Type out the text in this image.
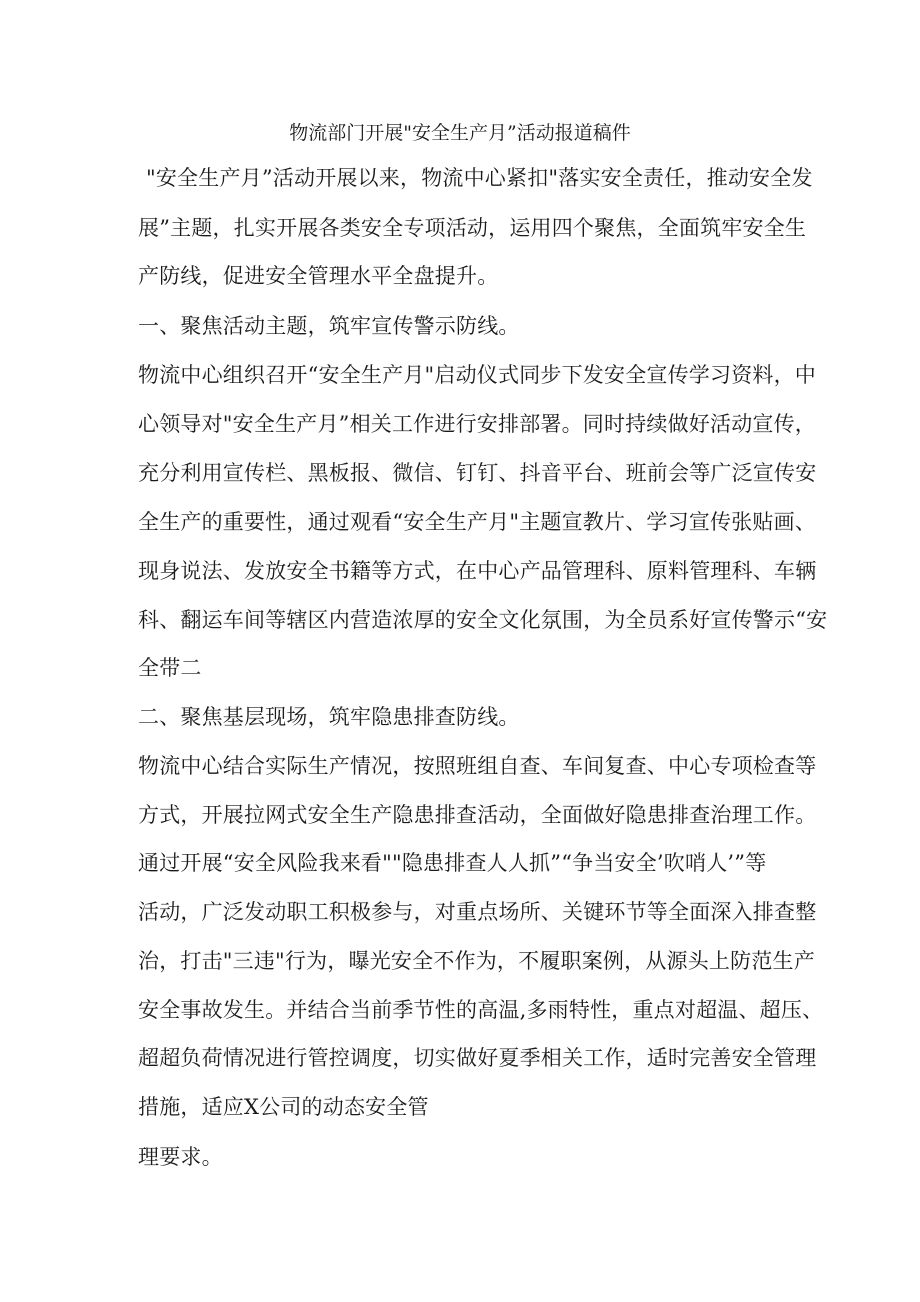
物流部门开展"安全生产月”活动报道稿件
"安全生产月”活动开展以来，物流中心紧扣"落实安全责任，推动安全发
展”主题，扎实开展各类安全专项活动，运用四个聚焦，全面筑牢安全生
产防线，促进安全管理水平全盘提升。
一、聚焦活动主题，筑牢宣传警示防线。
物流中心组织召开“安全生产月"启动仪式同步下发安全宣传学习资料，中
心领导对"安全生产月”相关工作进行安排部署。同时持续做好活动宣传，
充分利用宣传栏、黑板报、微信、钉钉、抖音平台、班前会等广泛宣传安
全生产的重要性，通过观看“安全生产月"主题宣教片、学习宣传张贴画、
现身说法、发放安全书籍等方式，在中心产品管理科、原料管理科、车辆
科、翻运车间等辖区内营造浓厚的安全文化氛围，为全员系好宣传警示“安
全带二
二、聚焦基层现场，筑牢隐患排查防线。
物流中心结合实际生产情况，按照班组自查、车间复查、中心专项检查等
方式，开展拉网式安全生产隐患排查活动，全面做好隐患排查治理工作。
通过开展“安全风险我来看""隐患排查人人抓”“争当安全’吹哨人’”等
活动，广泛发动职工积极参与，对重点场所、关键环节等全面深入排查整
治，打击"三违"行为，曝光安全不作为，不履职案例，从源头上防范生产
安全事故发生。并结合当前季节性的高温,多雨特性，重点对超温、超压、
超超负荷情况进行管控调度，切实做好夏季相关工作，适时完善安全管理
措施，适应X公司的动态安全管
理要求。
